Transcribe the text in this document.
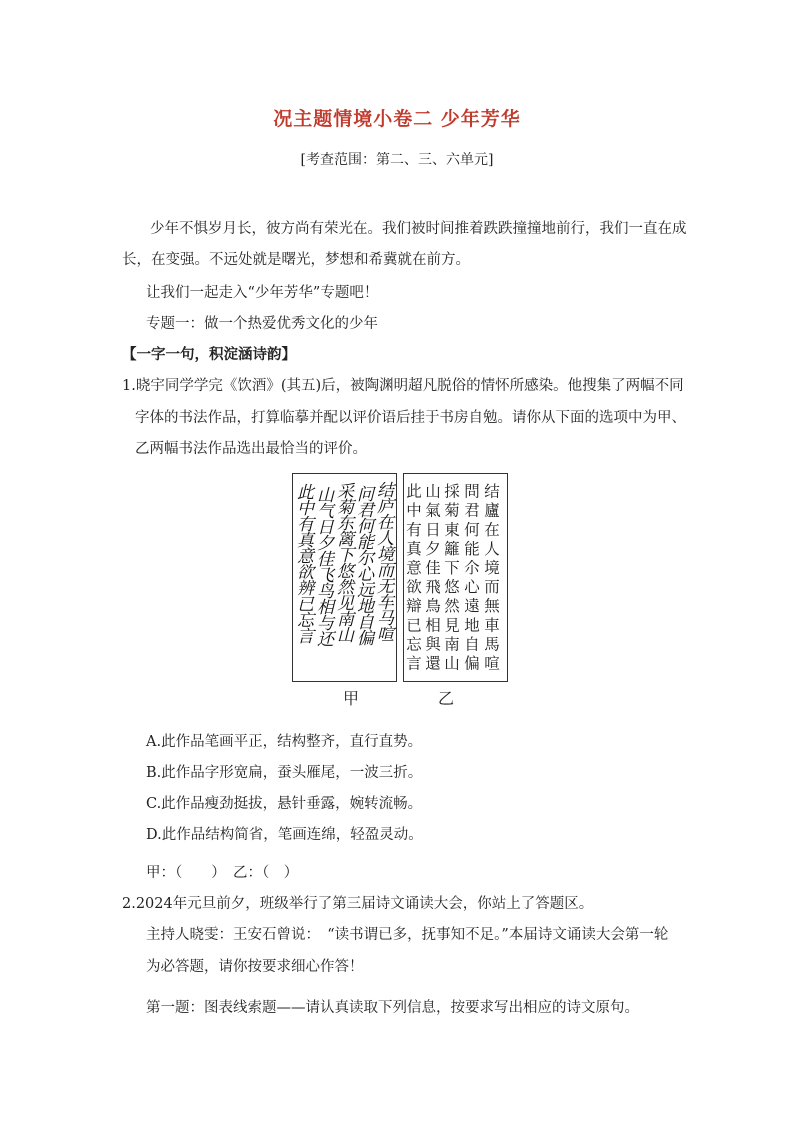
况主题情境小卷二 少年芳华
[考查范围：第二、三、六单元]
少年不惧岁月长，彼方尚有荣光在。我们被时间推着跌跌撞撞地前行，我们一直在成
长，在变强。不远处就是曙光，梦想和希冀就在前方。
让我们一起走入“少年芳华”专题吧！
专题一：做一个热爱优秀文化的少年
【一字一句，积淀涵诗韵】
1.晓宇同学学完《饮酒》(其五)后，被陶渊明超凡脱俗的情怀所感染。他搜集了两幅不同
字体的书法作品，打算临摹并配以评价语后挂于书房自勉。请你从下面的选项中为甲、
乙两幅书法作品选出最恰当的评价。
结庐在人境而无车马喧
问君何能尔心远地自偏
采菊东篱下悠然见南山
山气日夕佳飞鸟相与还
此中有真意欲辨已忘言	结廬在人境而無車馬喧
問君何能尒心遠地自偏
採菊東籬下悠然見南山
山氣日夕佳飛鳥相與還
此中有真意欲辯已忘言
甲	乙
A.此作品笔画平正，结构整齐，直行直势。
B.此作品字形宽扁，蚕头雁尾，一波三折。
C.此作品瘦劲挺拔，悬针垂露，婉转流畅。
D.此作品结构简省，笔画连绵，轻盈灵动。
甲：（　　）　乙：（　）
2.2024年元旦前夕，班级举行了第三届诗文诵读大会，你站上了答题区。
主持人晓雯：王安石曾说：　“读书谓已多，抚事知不足。”本届诗文诵读大会第一轮
为必答题，请你按要求细心作答！
第一题：图表线索题——请认真读取下列信息，按要求写出相应的诗文原句。
